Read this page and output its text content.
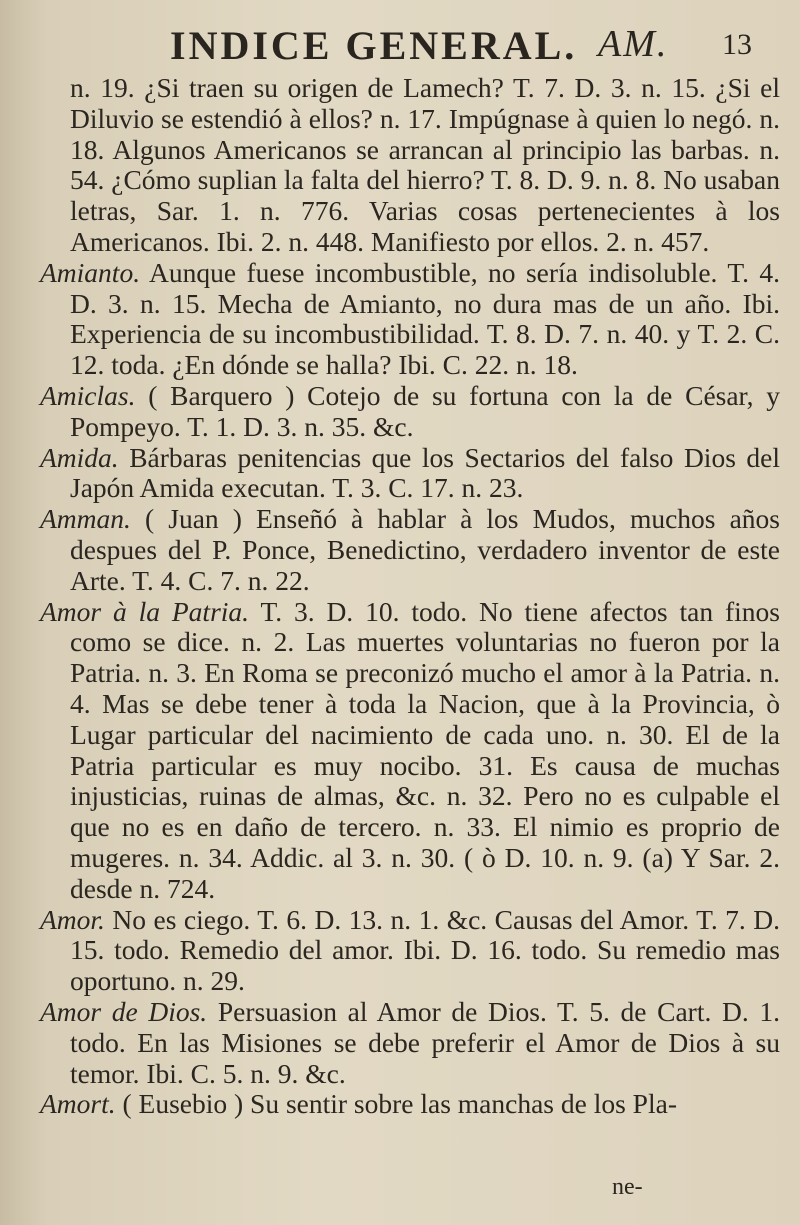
INDICE GENERAL. AM. 13

n. 19. ¿Si traen su origen de Lamech? T. 7. D. 3. n. 15. ¿Si el Diluvio se estendió à ellos? n. 17. Impúgnase à quien lo negó. n. 18. Algunos Americanos se arrancan al principio las barbas. n. 54. ¿Cómo suplian la falta del hierro? T. 8. D. 9. n. 8. No usaban letras, Sar. 1. n. 776. Varias cosas pertenecientes à los Americanos. Ibi. 2. n. 448. Manifiesto por ellos. 2. n. 457.

Amianto. Aunque fuese incombustible, no sería indisoluble. T. 4. D. 3. n. 15. Mecha de Amianto, no dura mas de un año. Ibi. Experiencia de su incombustibilidad. T. 8. D. 7. n. 40. y T. 2. C. 12. toda. ¿En dónde se halla? Ibi. C. 22. n. 18.

Amiclas. ( Barquero ) Cotejo de su fortuna con la de César, y Pompeyo. T. 1. D. 3. n. 35. &c.

Amida. Bárbaras penitencias que los Sectarios del falso Dios del Japón Amida executan. T. 3. C. 17. n. 23.

Amman. ( Juan ) Enseñó à hablar à los Mudos, muchos años despues del P. Ponce, Benedictino, verdadero inventor de este Arte. T. 4. C. 7. n. 22.

Amor à la Patria. T. 3. D. 10. todo. No tiene afectos tan finos como se dice. n. 2. Las muertes voluntarias no fueron por la Patria. n. 3. En Roma se preconizó mucho el amor à la Patria. n. 4. Mas se debe tener à toda la Nacion, que à la Provincia, ò Lugar particular del nacimiento de cada uno. n. 30. El de la Patria particular es muy nocibo. 31. Es causa de muchas injusticias, ruinas de almas, &c. n. 32. Pero no es culpable el que no es en daño de tercero. n. 33. El nimio es proprio de mugeres. n. 34. Addic. al 3. n. 30. ( ò D. 10. n. 9. (a) Y Sar. 2. desde n. 724.

Amor. No es ciego. T. 6. D. 13. n. 1. &c. Causas del Amor. T. 7. D. 15. todo. Remedio del amor. Ibi. D. 16. todo. Su remedio mas oportuno. n. 29.

Amor de Dios. Persuasion al Amor de Dios. T. 5. de Cart. D. 1. todo. En las Misiones se debe preferir el Amor de Dios à su temor. Ibi. C. 5. n. 9. &c.

Amort. ( Eusebio ) Su sentir sobre las manchas de los Pla-

ne-
